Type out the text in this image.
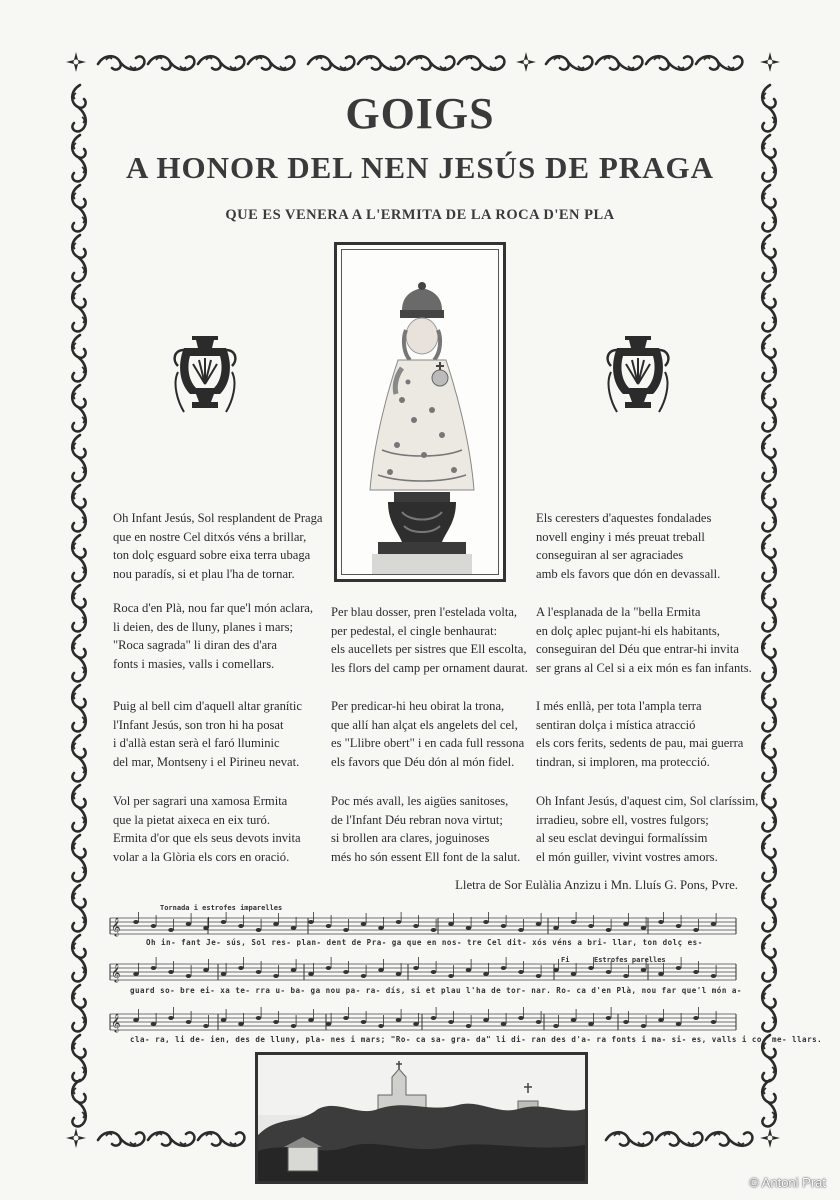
GOIGS
A HONOR DEL NEN JESÚS DE PRAGA
QUE ES VENERA A L'ERMITA DE LA ROCA D'EN PLA
Oh Infant Jesús, Sol resplandent de Praga
que en nostre Cel ditxós véns a brillar,
ton dolç esguard sobre eixa terra ubaga
nou paradís, si et plau l'ha de tornar.
Roca d'en Plà, nou far que'l món aclara,
li deien, des de lluny, planes i mars;
"Roca sagrada" li diran des d'ara
fonts i masies, valls i comellars.
Puig al bell cim d'aquell altar granític
l'Infant Jesús, son tron hi ha posat
i d'allà estan serà el faró lluminic
del mar, Montseny i el Pirineu nevat.
Vol per sagrari una xamosa Ermita
que la pietat aixeca en eix turó.
Ermita d'or que els seus devots invita
volar a la Glòria els cors en oració.
Per blau dosser, pren l'estelada volta,
per pedestal, el cingle benhaurat:
els aucellets per sistres que Ell escolta,
les flors del camp per ornament daurat.
Per predicar-hi heu obirat la trona,
que allí han alçat els angelets del cel,
es "Llibre obert" i en cada full ressona
els favors que Déu dón al món fidel.
Poc més avall, les aigües sanitoses,
de l'Infant Déu rebran nova virtut;
si brollen ara clares, joguinoses
més ho són essent Ell font de la salut.
Els ceresters d'aquestes fondalades
novell enginy i més preuat treball
conseguiran al ser agraciades
amb els favors que dón en devassall.
A l'esplanada de la "bella Ermita
en dolç aplec pujant-hi els habitants,
conseguiran del Déu que entrar-hi invita
ser grans al Cel si a eix món es fan infants.
I més enllà, per tota l'ampla terra
sentiran dolça i mística atracció
els cors ferits, sedents de pau, mai guerra
tindran, si imploren, ma protecció.
Oh Infant Jesús, d'aquest cim, Sol claríssim,
irradieu, sobre ell, vostres fulgors;
al seu esclat devingui formalíssim
el món guiller, vivint vostres amors.
Lletra de Sor Eulàlia Anzizu i Mn. Lluís G. Pons, Pvre.
Tornada i estrofes imparelles
Fi	Estrofes parelles
𝄞
𝄞
𝄞
Oh in- fant Je- sús, Sol res- plan- dent de Pra- ga que en nos- tre Cel dit- xós véns a bri- llar, ton dolç es-
guard so- bre ei- xa te- rra u- ba- ga nou pa- ra- dís, si et plau l'ha de tor- nar. Ro- ca d'en Plà, nou far que'l món a-
cla- ra, li de- ien, des de lluny, pla- nes i mars; "Ro- ca sa- gra- da" li di- ran des d'a- ra fonts i ma- si- es, valls i co- me- llars.
© Antoni Prat
